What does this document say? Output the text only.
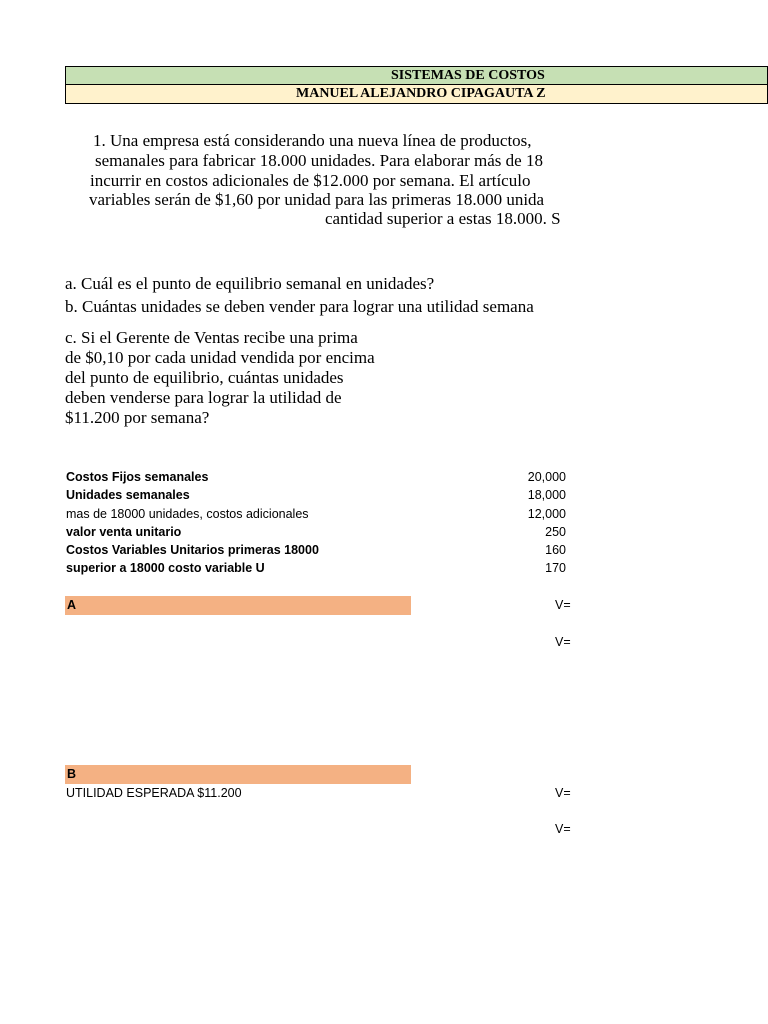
SISTEMAS DE COSTOS
MANUEL ALEJANDRO CIPAGAUTA Z
1. Una empresa está considerando una nueva línea de productos,
semanales para fabricar 18.000 unidades. Para elaborar más de 18
incurrir en costos adicionales de $12.000 por semana. El artículo
variables serán de $1,60 por unidad para las primeras 18.000 unida
cantidad superior a estas 18.000. S
a. Cuál es el punto de equilibrio semanal en unidades?
b. Cuántas unidades se deben vender para lograr una utilidad semana
c. Si el Gerente de Ventas recibe una prima
de $0,10 por cada unidad vendida por encima
del punto de equilibrio, cuántas unidades
deben venderse para lograr la utilidad de
$11.200 por semana?
Costos Fijos semanales	20,000
Unidades semanales	18,000
mas de 18000 unidades, costos adicionales	12,000
valor venta unitario	250
Costos Variables Unitarios primeras 18000	160
superior a 18000 costo variable U	170
A	V=
V=
B
UTILIDAD ESPERADA $11.200	V=
V=
